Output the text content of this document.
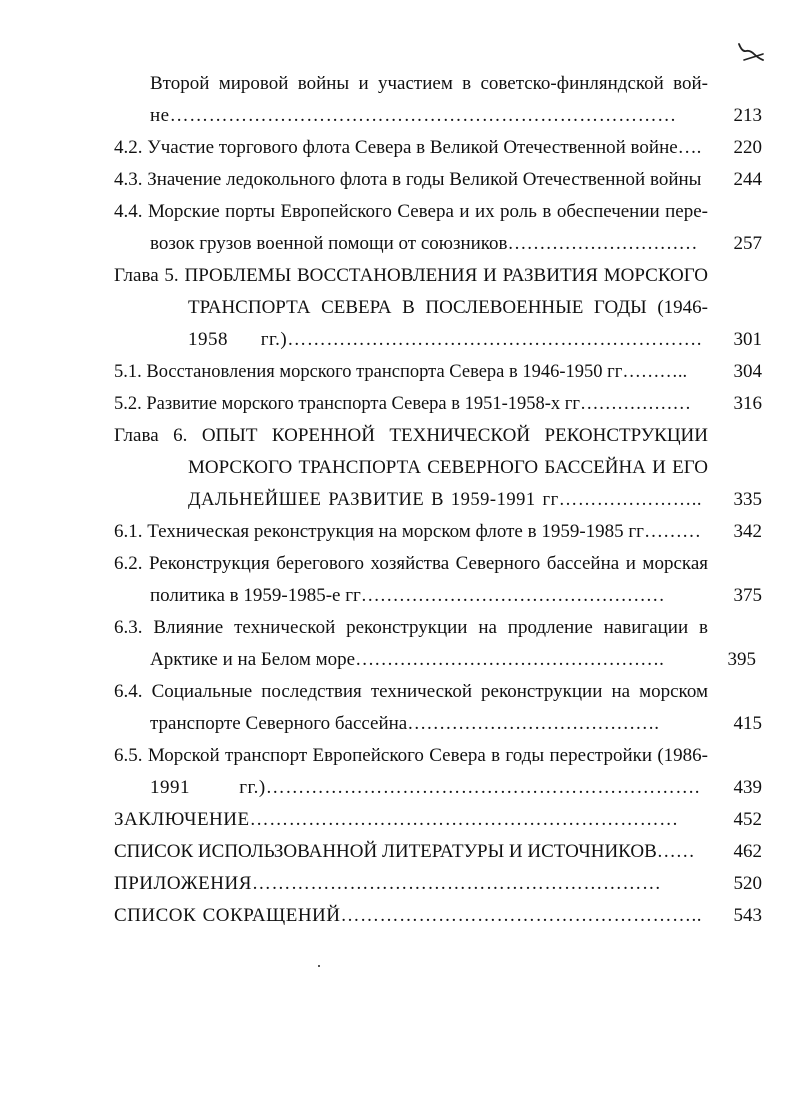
Второй мировой войны и участием в советско-финляндской вой-
не……………………………………………………………………	213
4.2. Участие торгового флота Севера в Великой Отечественной войне….	220
4.3. Значение ледокольного флота в годы Великой Отечественной войны	244
4.4. Морские порты Европейского Севера и их роль в обеспечении пере-
возок грузов военной помощи от союзников…………………………	257
Глава 5. ПРОБЛЕМЫ ВОССТАНОВЛЕНИЯ И РАЗВИТИЯ МОРСКОГО
ТРАНСПОРТА СЕВЕРА В ПОСЛЕВОЕННЫЕ ГОДЫ (1946-
1958 гг.)……………………………………………………….	301
5.1. Восстановления морского транспорта Севера в 1946-1950 гг………..	304
5.2. Развитие морского транспорта Севера в 1951-1958-х гг………………	316
Глава 6. ОПЫТ КОРЕННОЙ ТЕХНИЧЕСКОЙ РЕКОНСТРУКЦИИ
МОРСКОГО ТРАНСПОРТА СЕВЕРНОГО БАССЕЙНА И ЕГО
ДАЛЬНЕЙШЕЕ РАЗВИТИЕ В 1959-1991 гг…………………..	335
6.1. Техническая реконструкция на морском флоте в 1959-1985 гг………	342
6.2. Реконструкция берегового хозяйства Северного бассейна и морская
политика в 1959-1985-е гг…………………………………………	375
6.3. Влияние технической реконструкции на продление навигации в
Арктике и на Белом море………………………………………….	395
6.4. Социальные последствия технической реконструкции на морском
транспорте Северного бассейна………………………………….	415
6.5. Морской транспорт Европейского Севера в годы перестройки (1986-
1991 гг.)………………………………………………………….	439
ЗАКЛЮЧЕНИЕ…………………………………………………………	452
СПИСОК ИСПОЛЬЗОВАННОЙ ЛИТЕРАТУРЫ И ИСТОЧНИКОВ……	462
ПРИЛОЖЕНИЯ………………………………………………………	520
СПИСОК СОКРАЩЕНИЙ………………………………………………..	543
